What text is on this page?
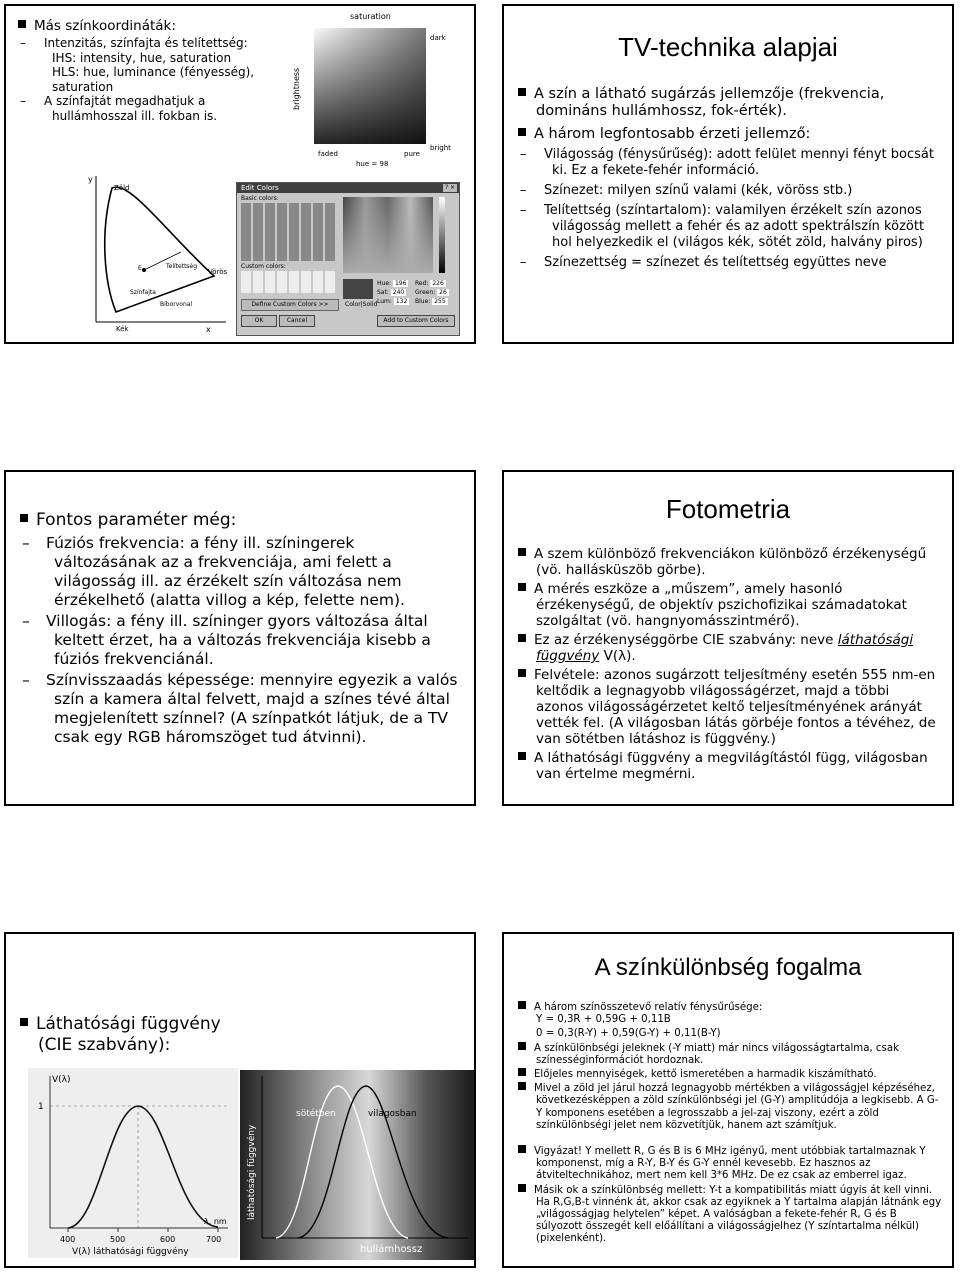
Más színkoordináták:
– Intenzitás, színfajta és telítettség:
IHS: intensity, hue, saturation
HLS: hue, luminance (fényesség), saturation
– A színfajtát megadhatjuk a hullámhosszal ill. fokban is.
saturation
brightness
dark
bright
faded	pure
hue = 98
y
x
Zöld
Vörös
Kék
Telítettség
Színfajta
E
Bíborvonal
Edit Colors	? ×
Basic colors:
Custom colors:
Define Custom Colors >>
OK	Cancel
Color|Solid
Hue: 196
Sat: 240
Lum: 132
Red: 226
Green: 26
Blue: 255
Add to Custom Colors
TV-technika alapjai
A szín a látható sugárzás jellemzője (frekvencia, domináns hullámhossz, fok-érték).
A három legfontosabb érzeti jellemző:
– Világosság (fénysűrűség): adott felület mennyi fényt bocsát ki. Ez a fekete-fehér információ.
– Színezet: milyen színű valami (kék, vöröss stb.)
– Telítettség (színtartalom): valamilyen érzékelt szín azonos világosság mellett a fehér és az adott spektrálszín között hol helyezkedik el (világos kék, sötét zöld, halvány piros)
– Színezettség = színezet és telítettség együttes neve
Fontos paraméter még:
– Fúziós frekvencia: a fény ill. színingerek változásának az a frekvenciája, ami felett a világosság ill. az érzékelt szín változása nem érzékelhető (alatta villog a kép, felette nem).
– Villogás: a fény ill. színinger gyors változása által keltett érzet, ha a változás frekvenciája kisebb a fúziós frekvenciánál.
– Színvisszaadás képessége: mennyire egyezik a valós szín a kamera által felvett, majd a színes tévé által megjelenített színnel? (A színpatkót látjuk, de a TV csak egy RGB háromszöget tud átvinni).
Fotometria
A szem különböző frekvenciákon különböző érzékenységű (vö. hallásküszöb görbe).
A mérés eszköze a „műszem”, amely hasonló érzékenységű, de objektív pszichofizikai számadatokat szolgáltat (vö. hangnyomásszintmérő).
Ez az érzékenységgörbe CIE szabvány: neve láthatósági függvény V(λ).
Felvétele: azonos sugárzott teljesítmény esetén 555 nm-en keltődik a legnagyobb világosságérzet, majd a többi azonos világosságérzetet keltő teljesítményének arányát vették fel. (A világosban látás görbéje fontos a tévéhez, de van sötétben látáshoz is függvény.)
A láthatósági függvény a megvilágítástól függ, világosban van értelme megmérni.
Láthatósági függvény (CIE szabvány):
V(λ)
1
400	500	600	700
λ, nm
V(λ) láthatósági függvény
sötétben	világosban
láthatósági függvény
hullámhossz
A színkülönbség fogalma
A három színösszetevő relatív fénysűrűsége:
Y = 0,3R + 0,59G + 0,11B
0 = 0,3(R-Y) + 0,59(G-Y) + 0,11(B-Y)
A színkülönbségi jeleknek (-Y miatt) már nincs világosságtartalma, csak színességinformációt hordoznak.
Előjeles mennyiségek, kettő ismeretében a harmadik kiszámítható.
Mivel a zöld jel járul hozzá legnagyobb mértékben a világosságjel képzéséhez, következésképpen a zöld színkülönbségi jel (G-Y) amplitúdója a legkisebb. A G-Y komponens esetében a legrosszabb a jel-zaj viszony, ezért a zöld színkülönbségi jelet nem közvetítjük, hanem azt számítjuk.
Vigyázat! Y mellett R, G és B is 6 MHz igényű, ment utóbbiak tartalmaznak Y komponenst, míg a R-Y, B-Y és G-Y ennél kevesebb. Ez hasznos az átviteltechnikához, mert nem kell 3*6 MHz. De ez csak az emberrel igaz.
Másik ok a színkülönbség mellett: Y-t a kompatibilitás miatt úgyis át kell vinni. Ha R,G,B-t vinnénk át, akkor csak az egyiknek a Y tartalma alapján látnánk egy „világosságjag helytelen” képet. A valóságban a fekete-fehér R, G és B súlyozott összegét kell előállítani a világosságjelhez (Y színtartalma nélkül) (pixelenként).
